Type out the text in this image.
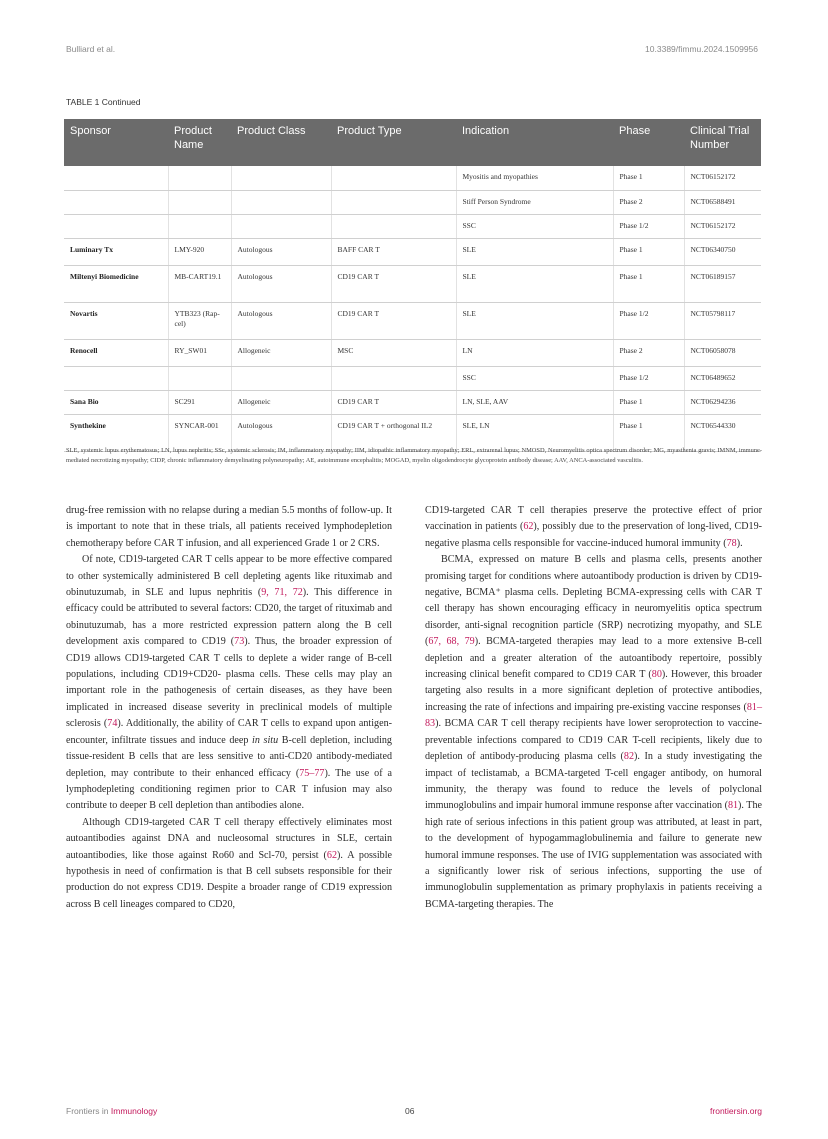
Bulliard et al.	10.3389/fimmu.2024.1509956
TABLE 1 Continued
Sponsor	Product Name	Product Class	Product Type	Indication	Phase	Clinical Trial Number
				Myositis and myopathies	Phase 1	NCT06152172
				Stiff Person Syndrome	Phase 2	NCT06588491
				SSC	Phase 1/2	NCT06152172
Luminary Tx	LMY-920	Autologous	BAFF CAR T	SLE	Phase 1	NCT06340750
Miltenyi Biomedicine	MB-CART19.1	Autologous	CD19 CAR T	SLE	Phase 1	NCT06189157
Novartis	YTB323 (Rap-cel)	Autologous	CD19 CAR T	SLE	Phase 1/2	NCT05798117
Renocell	RY_SW01	Allogeneic	MSC	LN	Phase 2	NCT06058078
				SSC	Phase 1/2	NCT06489652
Sana Bio	SC291	Allogeneic	CD19 CAR T	LN, SLE, AAV	Phase 1	NCT06294236
Synthekine	SYNCAR-001	Autologous	CD19 CAR T + orthogonal IL2	SLE, LN	Phase 1	NCT06544330
SLE, systemic lupus erythematosus; LN, lupus nephritis; SSc, systemic sclerosis; IM, inflammatory myopathy; IIM, idiopathic inflammatory myopathy; ERL, extrarenal lupus; NMOSD, Neuromyelitis optica spectrum disorder; MG, myasthenia gravis; IMNM, immune-mediated necrotizing myopathy; CIDP, chronic inflammatory demyelinating polyneuropathy; AE, autoimmune encephalitis; MOGAD, myelin oligodendrocyte glycoprotein antibody disease; AAV, ANCA-associated vasculitis.

drug-free remission with no relapse during a median 5.5 months of follow-up. It is important to note that in these trials, all patients received lymphodepletion chemotherapy before CAR T infusion, and all experienced Grade 1 or 2 CRS.

Of note, CD19-targeted CAR T cells appear to be more effective compared to other systemically administered B cell depleting agents like rituximab and obinutuzumab, in SLE and lupus nephritis (9, 71, 72). This difference in efficacy could be attributed to several factors: CD20, the target of rituximab and obinutuzumab, has a more restricted expression pattern along the B cell development axis compared to CD19 (73). Thus, the broader expression of CD19 allows CD19-targeted CAR T cells to deplete a wider range of B-cell populations, including CD19+CD20- plasma cells. These cells may play an important role in the pathogenesis of certain diseases, as they have been implicated in increased disease severity in preclinical models of multiple sclerosis (74). Additionally, the ability of CAR T cells to expand upon antigen-encounter, infiltrate tissues and induce deep in situ B-cell depletion, including tissue-resident B cells that are less sensitive to anti-CD20 antibody-mediated depletion, may contribute to their enhanced efficacy (75–77). The use of a lymphodepleting conditioning regimen prior to CAR T infusion may also contribute to deeper B cell depletion than antibodies alone.

Although CD19-targeted CAR T cell therapy effectively eliminates most autoantibodies against DNA and nucleosomal structures in SLE, certain autoantibodies, like those against Ro60 and Scl-70, persist (62). A possible hypothesis in need of confirmation is that B cell subsets responsible for their production do not express CD19. Despite a broader range of CD19 expression across B cell lineages compared to CD20,

CD19-targeted CAR T cell therapies preserve the protective effect of prior vaccination in patients (62), possibly due to the preservation of long-lived, CD19-negative plasma cells responsible for vaccine-induced humoral immunity (78).

BCMA, expressed on mature B cells and plasma cells, presents another promising target for conditions where autoantibody production is driven by CD19-negative, BCMA⁺ plasma cells. Depleting BCMA-expressing cells with CAR T cell therapy has shown encouraging efficacy in neuromyelitis optica spectrum disorder, anti-signal recognition particle (SRP) necrotizing myopathy, and SLE (67, 68, 79). BCMA-targeted therapies may lead to a more extensive B-cell depletion and a greater alteration of the autoantibody repertoire, possibly increasing clinical benefit compared to CD19 CAR T (80). However, this broader targeting also results in a more significant depletion of protective antibodies, increasing the rate of infections and impairing pre-existing vaccine responses (81–83). BCMA CAR T cell therapy recipients have lower seroprotection to vaccine-preventable infections compared to CD19 CAR T-cell recipients, likely due to depletion of antibody-producing plasma cells (82). In a study investigating the impact of teclistamab, a BCMA-targeted T-cell engager antibody, on humoral immunity, the therapy was found to reduce the levels of polyclonal immunoglobulins and impair humoral immune response after vaccination (81). The high rate of serious infections in this patient group was attributed, at least in part, to the development of hypogammaglobulinemia and failure to generate new humoral immune responses. The use of IVIG supplementation was associated with a significantly lower risk of serious infections, supporting the use of immunoglobulin supplementation as primary prophylaxis in patients receiving a BCMA-targeting therapies. The

Frontiers in Immunology	06	frontiersin.org
